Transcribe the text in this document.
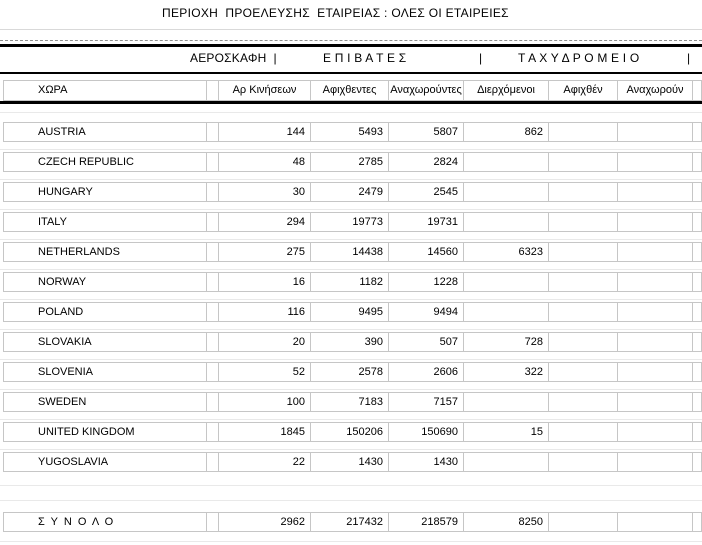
ΠΕΡΙΟΧΗ  ΠΡΟΕΛΕΥΣΗΣ  ΕΤΑΙΡΕΙΑΣ : ΟΛΕΣ ΟΙ ΕΤΑΙΡΕΙΕΣ
ΑΕΡΟΣΚΑΦΗ  |	Ε Π Ι Β Α Τ Ε Σ	|	Τ Α Χ Υ Δ Ρ Ο Μ Ε Ι Ο	|
ΧΩΡΑ	Αρ Κινήσεων	Αφιχθεντες	Αναχωρούντες	Διερχόμενοι	Αφιχθέν	Αναχωρούν
AUSTRIA	144	5493	5807	862
CZECH REPUBLIC	48	2785	2824
HUNGARY	30	2479	2545
ITALY	294	19773	19731
NETHERLANDS	275	14438	14560	6323
NORWAY	16	1182	1228
POLAND	116	9495	9494
SLOVAKIA	20	390	507	728
SLOVENIA	52	2578	2606	322
SWEDEN	100	7183	7157
UNITED KINGDOM	1845	150206	150690	15
YUGOSLAVIA	22	1430	1430
Σ Υ Ν Ο Λ Ο	2962	217432	218579	8250
